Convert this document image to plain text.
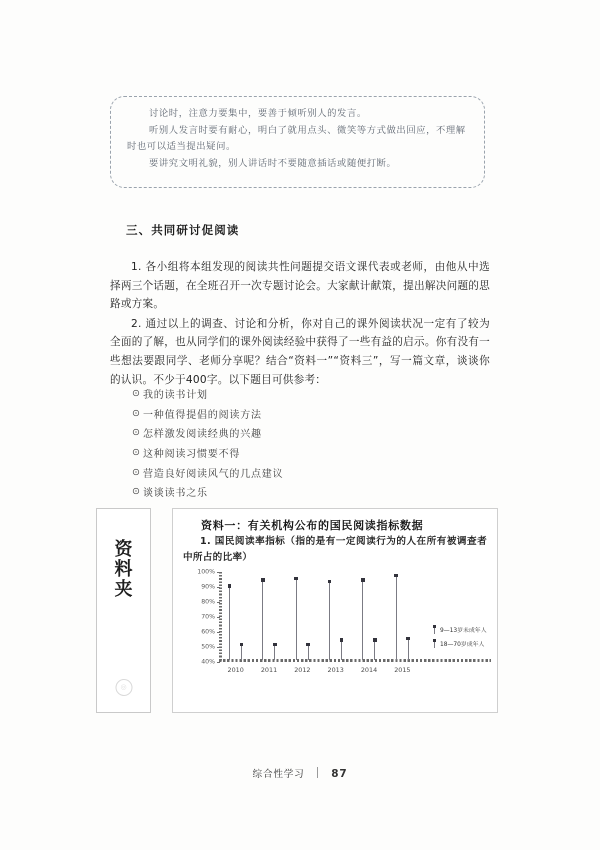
讨论时，注意力要集中，要善于倾听别人的发言。
听别人发言时要有耐心，明白了就用点头、微笑等方式做出回应，不理解
时也可以适当提出疑问。
要讲究文明礼貌，别人讲话时不要随意插话或随便打断。
三、共同研讨促阅读

1. 各小组将本组发现的阅读共性问题提交语文课代表或老师，由他从中选择两三个话题，在全班召开一次专题讨论会。大家献计献策，提出解决问题的思路或方案。

2. 通过以上的调查、讨论和分析，你对自己的课外阅读状况一定有了较为全面的了解，也从同学们的课外阅读经验中获得了一些有益的启示。你有没有一些想法要跟同学、老师分享呢？结合“资料一”“资料三”，写一篇文章，谈谈你的认识。不少于400字。以下题目可供参考：

⊙ 我的读书计划
⊙ 一种值得提倡的阅读方法
⊙ 怎样激发阅读经典的兴趣
⊙ 这种阅读习惯要不得
⊙ 营造良好阅读风气的几点建议
⊙ 谈谈读书之乐
资料夹
◎
资料一：有关机构公布的国民阅读指标数据
1. 国民阅读率指标（指的是有一定阅读行为的人在所有被调查者中所占的比率）
40%
50%
60%
70%
80%
90%
100%
2010	2011	2012	2013	2014	2015
9—13岁未成年人
18—70岁成年人
综合性学习	87
